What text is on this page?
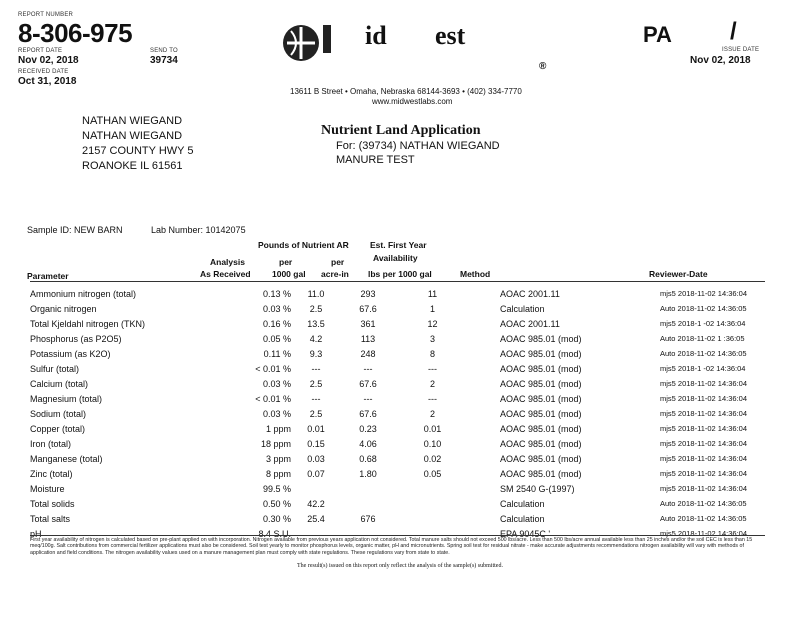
REPORT NUMBER
8-306-975
REPORT DATE
Nov 02, 2018
SEND TO
39734
RECEIVED DATE
Oct 31, 2018
id est
®
PA /
ISSUE DATE
Nov 02, 2018
13611 B Street • Omaha, Nebraska 68144-3693 • (402) 334-7770
www.midwestlabs.com
NATHAN WIEGAND
NATHAN WIEGAND
2157 COUNTY HWY 5
ROANOKE IL 61561
Nutrient Land Application
For: (39734) NATHAN WIEGAND
MANURE TEST
Sample ID: NEW BARN	Lab Number: 10142075
Pounds of Nutrient AR Est. First Year
Availability
Analysis	per	per
Parameter	As Received	1000 gal acre-in lbs per 1000 gal	Method	Reviewer-Date
Ammonium nitrogen (total)	0.13 %	11.0	293	11	AOAC 2001.11	mjs5 2018-11-02 14:36:04
Organic nitrogen	0.03 %	2.5	67.6	1	Calculation	Auto 2018-11-02 14:36:05
Total Kjeldahl nitrogen (TKN)	0.16 %	13.5	361	12	AOAC 2001.11	mjs5 2018-1 -02 14:36:04
Phosphorus (as P2O5)	0.05 %	4.2	113	3	AOAC 985.01 (mod)	Auto 2018-11-02 1 :36:05
Potassium (as K2O)	0.11 %	9.3	248	8	AOAC 985.01 (mod)	Auto 2018-11-02 14:36:05
Sulfur (total)	< 0.01 %	---	---	---	AOAC 985.01 (mod)	mjs5 2018-1 -02 14:36:04
Calcium (total)	0.03 %	2.5	67.6	2	AOAC 985.01 (mod)	mjs5 2018-11-02 14:36:04
Magnesium (total)	< 0.01 %	---	---	---	AOAC 985.01 (mod)	mjs5 2018-11-02 14:36:04
Sodium (total)	0.03 %	2.5	67.6	2	AOAC 985.01 (mod)	mjs5 2018-11-02 14:36:04
Copper (total)	1 ppm	0.01	0.23	0.01	AOAC 985.01 (mod)	mjs5 2018-11-02 14:36:04
Iron (total)	18 ppm	0.15	4.06	0.10	AOAC 985.01 (mod)	mjs5 2018-11-02 14:36:04
Manganese (total)	3 ppm	0.03	0.68	0.02	AOAC 985.01 (mod)	mjs5 2018-11-02 14:36:04
Zinc (total)	8 ppm	0.07	1.80	0.05	AOAC 985.01 (mod)	mjs5 2018-11-02 14:36:04
Moisture	99.5 %				SM 2540 G-(1997)	mjs5 2018-11-02 14:36:04
Total solids	0.50 %	42.2			Calculation	Auto 2018-11-02 14:36:05
Total salts	0.30 %	25.4	676		Calculation	Auto 2018-11-02 14:36:05
pH	8.4 S.U.				EPA 9045C '	mjs5 2018-11-02 14:36:04
First year availability of nitrogen is calculated based on pre-plant applied on with incorporation. Nitrogen available from previous years application not considered. Total manure salts should not exceed 500 lbs/acre. Less than 500 lbs/acre annual available less than 25 inches and/or the soil CEC is less than 15 meq/100g. Salt contributions from commercial fertilizer applications must also be considered. Soil test yearly to monitor phosphorus levels, organic matter, pH and micronutrients. Spring soil test for residual nitrate - make accurate adjustments recommendations nitrogen availability will vary with methods of application and field conditions. The nitrogen availability values used on a manure management plan must comply with state regulations. These regulations vary from state to state.
The result(s) issued on this report only reflect the analysis of the sample(s) submitted.
